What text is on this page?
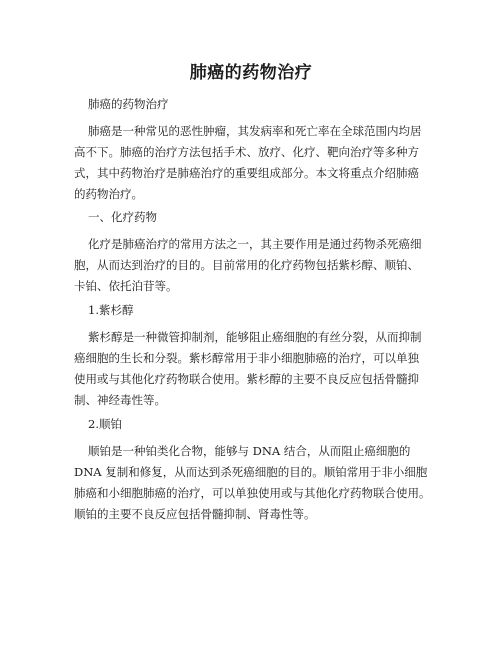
肺癌的药物治疗
肺癌的药物治疗
肺癌是一种常见的恶性肿瘤，其发病率和死亡率在全球范围内均居
高不下。肺癌的治疗方法包括手术、放疗、化疗、靶向治疗等多种方
式，其中药物治疗是肺癌治疗的重要组成部分。本文将重点介绍肺癌
的药物治疗。
一、化疗药物
化疗是肺癌治疗的常用方法之一，其主要作用是通过药物杀死癌细
胞，从而达到治疗的目的。目前常用的化疗药物包括紫杉醇、顺铂、
卡铂、依托泊苷等。
1.紫杉醇
紫杉醇是一种微管抑制剂，能够阻止癌细胞的有丝分裂，从而抑制
癌细胞的生长和分裂。紫杉醇常用于非小细胞肺癌的治疗，可以单独
使用或与其他化疗药物联合使用。紫杉醇的主要不良反应包括骨髓抑
制、神经毒性等。
2.顺铂
顺铂是一种铂类化合物，能够与 DNA 结合，从而阻止癌细胞的
DNA 复制和修复，从而达到杀死癌细胞的目的。顺铂常用于非小细胞
肺癌和小细胞肺癌的治疗，可以单独使用或与其他化疗药物联合使用。
顺铂的主要不良反应包括骨髓抑制、肾毒性等。
